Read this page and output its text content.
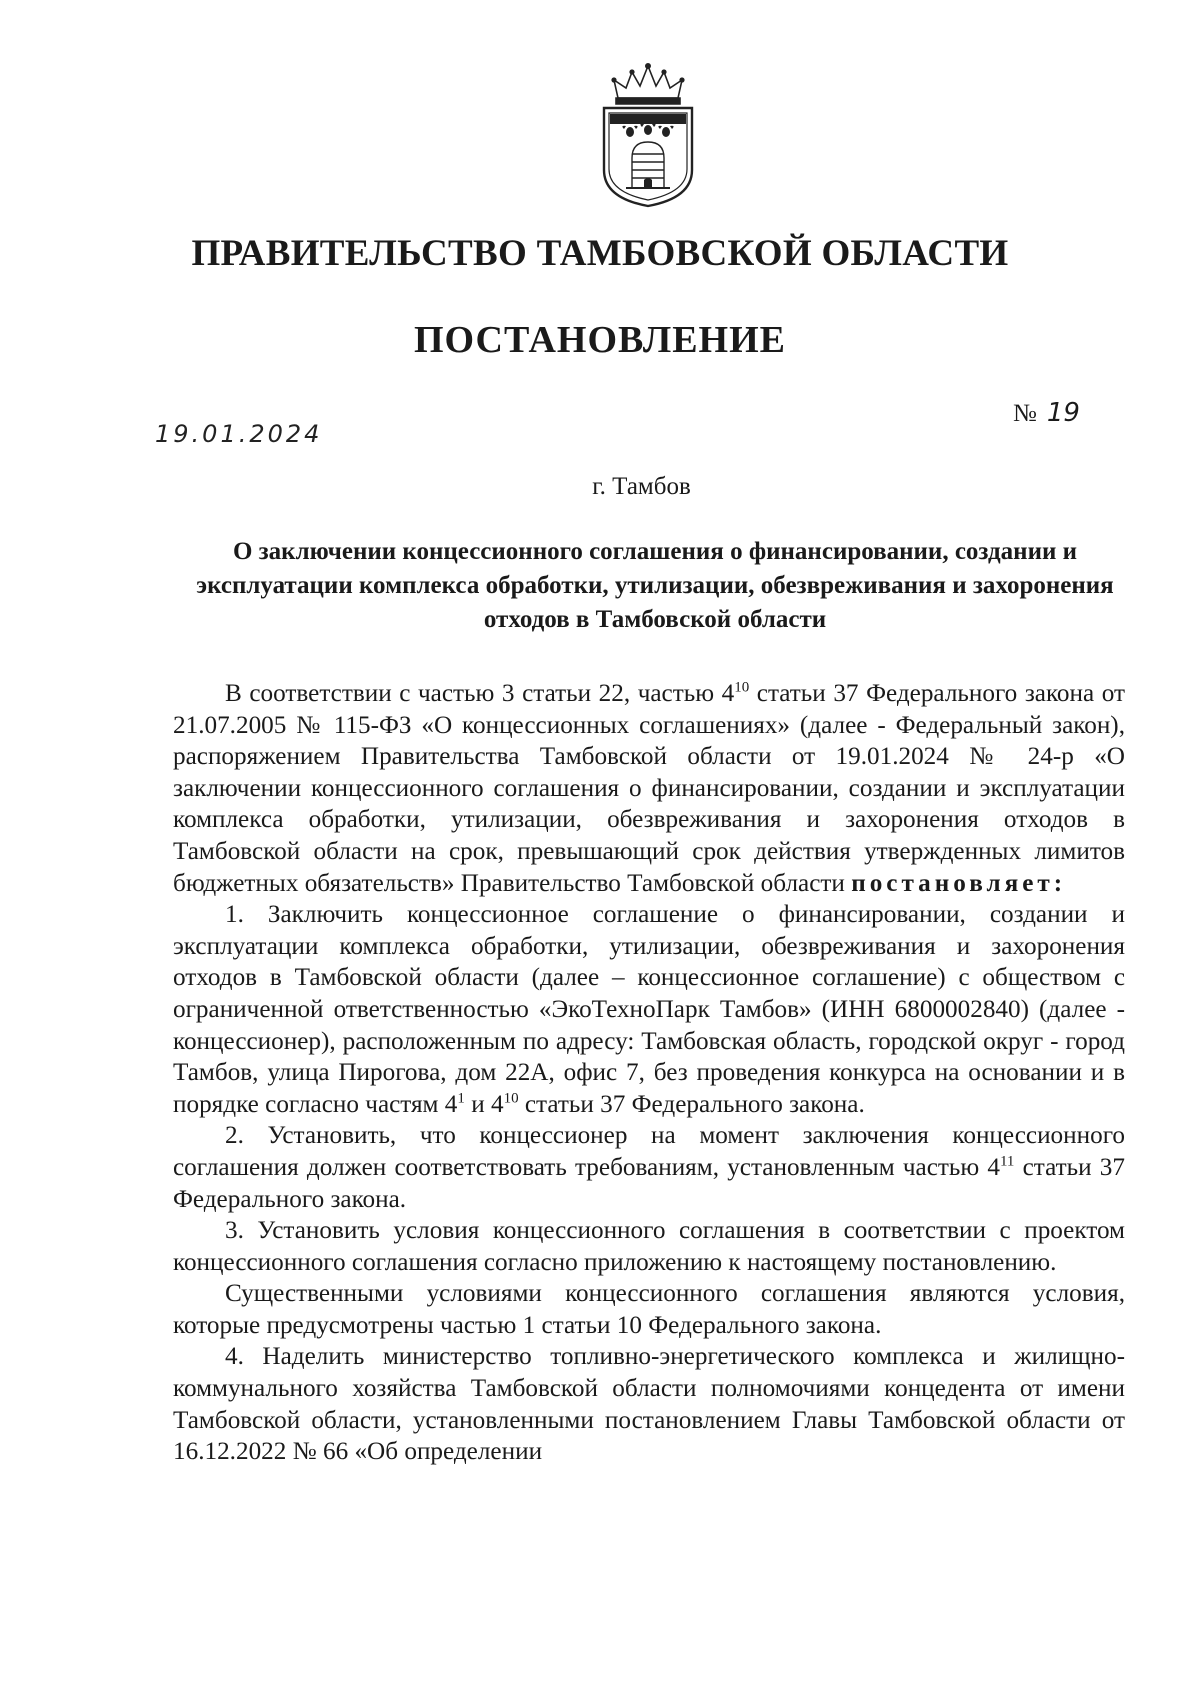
ПРАВИТЕЛЬСТВО ТАМБОВСКОЙ ОБЛАСТИ
ПОСТАНОВЛЕНИЕ
19.01.2024
№ 19
г. Тамбов
О заключении концессионного соглашения о финансировании, создании и эксплуатации комплекса обработки, утилизации, обезвреживания и захоронения отходов в Тамбовской области

В соответствии с частью 3 статьи 22, частью $4^{10}$ статьи 37 Федерального закона от 21.07.2005 № 115-ФЗ «О концессионных соглашениях» (далее - Федеральный закон), распоряжением Правительства Тамбовской области от 19.01.2024 № 24-р «О заключении концессионного соглашения о финансировании, создании и эксплуатации комплекса обработки, утилизации, обезвреживания и захоронения отходов в Тамбовской области на срок, превышающий срок действия утвержденных лимитов бюджетных обязательств» Правительство Тамбовской области постановляет:

1. Заключить концессионное соглашение о финансировании, создании и эксплуатации комплекса обработки, утилизации, обезвреживания и захоронения отходов в Тамбовской области (далее – концессионное соглашение) с обществом с ограниченной ответственностью «ЭкоТехноПарк Тамбов» (ИНН 6800002840) (далее - концессионер), расположенным по адресу: Тамбовская область, городской округ - город Тамбов, улица Пирогова, дом 22А, офис 7, без проведения конкурса на основании и в порядке согласно частям $4^1$ и $4^{10}$ статьи 37 Федерального закона.

2. Установить, что концессионер на момент заключения концессионного соглашения должен соответствовать требованиям, установленным частью $4^{11}$ статьи 37 Федерального закона.

3. Установить условия концессионного соглашения в соответствии с проектом концессионного соглашения согласно приложению к настоящему постановлению.

Существенными условиями концессионного соглашения являются условия, которые предусмотрены частью 1 статьи 10 Федерального закона.

4. Наделить министерство топливно-энергетического комплекса и жилищно-коммунального хозяйства Тамбовской области полномочиями концедента от имени Тамбовской области, установленными постановлением Главы Тамбовской области от 16.12.2022 № 66 «Об определении
